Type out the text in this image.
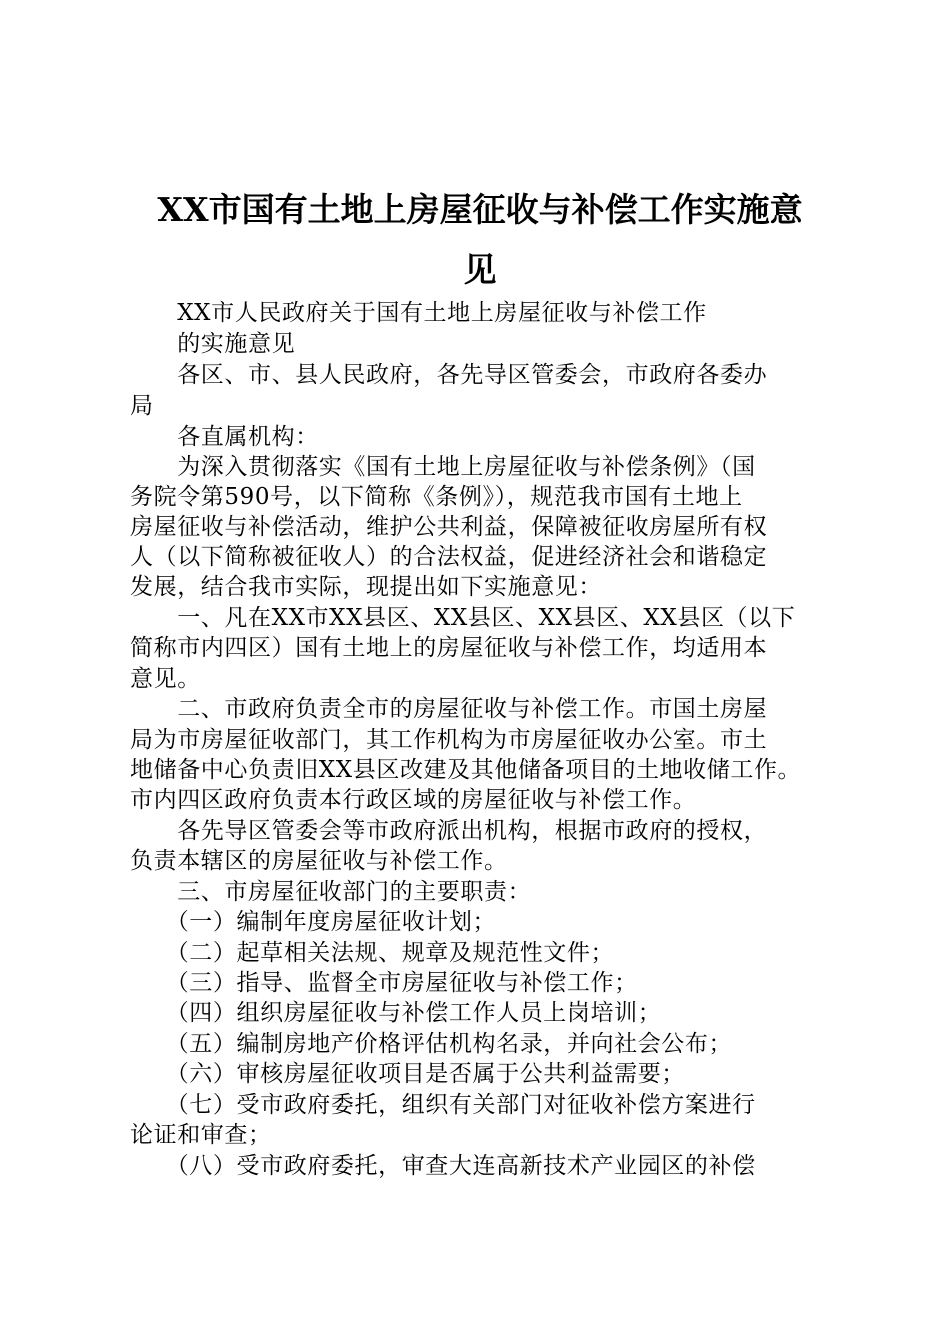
XX市国有土地上房屋征收与补偿工作实施意
见

　　XX市人民政府关于国有土地上房屋征收与补偿工作

　　的实施意见

　　各区、市、县人民政府，各先导区管委会，市政府各委办

局

　　各直属机构：

　　为深入贯彻落实《国有土地上房屋征收与补偿条例》（国

务院令第590号，以下简称《条例》），规范我市国有土地上

房屋征收与补偿活动，维护公共利益，保障被征收房屋所有权

人（以下简称被征收人）的合法权益，促进经济社会和谐稳定

发展，结合我市实际，现提出如下实施意见：

　　一、凡在XX市XX县区、XX县区、XX县区、XX县区（以下

简称市内四区）国有土地上的房屋征收与补偿工作，均适用本

意见。

　　二、市政府负责全市的房屋征收与补偿工作。市国土房屋

局为市房屋征收部门，其工作机构为市房屋征收办公室。市土

地储备中心负责旧XX县区改建及其他储备项目的土地收储工作。

市内四区政府负责本行政区域的房屋征收与补偿工作。

　　各先导区管委会等市政府派出机构，根据市政府的授权，

负责本辖区的房屋征收与补偿工作。

　　三、市房屋征收部门的主要职责：

　　（一）编制年度房屋征收计划；

　　（二）起草相关法规、规章及规范性文件；

　　（三）指导、监督全市房屋征收与补偿工作；

　　（四）组织房屋征收与补偿工作人员上岗培训；

　　（五）编制房地产价格评估机构名录，并向社会公布；

　　（六）审核房屋征收项目是否属于公共利益需要；

　　（七）受市政府委托，组织有关部门对征收补偿方案进行

论证和审查；

　　（八）受市政府委托，审查大连高新技术产业园区的补偿
